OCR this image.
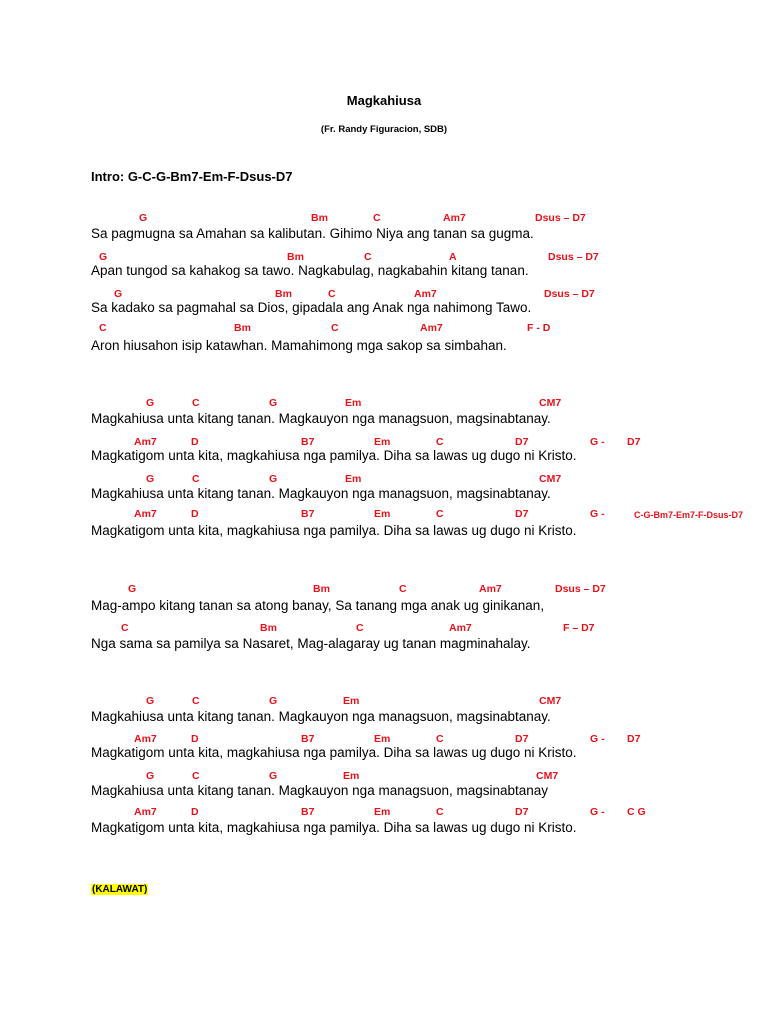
Magkahiusa
(Fr. Randy Figuracion, SDB)
Intro: G-C-G-Bm7-Em-F-Dsus-D7
G	Bm	C	Am7	Dsus – D7
Sa pagmugna sa Amahan sa kalibutan. Gihimo Niya ang tanan sa gugma.
G	Bm	C	A	Dsus – D7
Apan tungod sa kahakog sa tawo. Nagkabulag, nagkabahin kitang tanan.
G	Bm	C	Am7	Dsus – D7
Sa kadako sa pagmahal sa Dios, gipadala ang Anak nga nahimong Tawo.
C	Bm	C	Am7	F - D
Aron hiusahon isip katawhan. Mamahimong mga sakop sa simbahan.
G	C	G	Em	CM7
Magkahiusa unta kitang tanan. Magkauyon nga managsuon, magsinabtanay.
Am7	D	B7	Em	C	D7	G - D7
Magkatigom unta kita, magkahiusa nga pamilya. Diha sa lawas ug dugo ni Kristo.
G	C	G	Em	CM7
Magkahiusa unta kitang tanan. Magkauyon nga managsuon, magsinabtanay.
Am7	D	B7	Em	C	D7	G -	C-G-Bm7-Em7-F-Dsus-D7
Magkatigom unta kita, magkahiusa nga pamilya. Diha sa lawas ug dugo ni Kristo.
G	Bm	C	Am7	Dsus – D7
Mag-ampo kitang tanan sa atong banay, Sa tanang mga anak ug ginikanan,
C	Bm	C	Am7	F – D7
Nga sama sa pamilya sa Nasaret, Mag-alagaray ug tanan magminahalay.
G	C	G	Em	CM7
Magkahiusa unta kitang tanan. Magkauyon nga managsuon, magsinabtanay.
Am7	D	B7	Em	C	D7	G - D7
Magkatigom unta kita, magkahiusa nga pamilya. Diha sa lawas ug dugo ni Kristo.
G	C	G	Em	CM7
Magkahiusa unta kitang tanan. Magkauyon nga managsuon, magsinabtanay
Am7	D	B7	Em	C	D7	G - C G
Magkatigom unta kita, magkahiusa nga pamilya. Diha sa lawas ug dugo ni Kristo.
(KALAWAT)
